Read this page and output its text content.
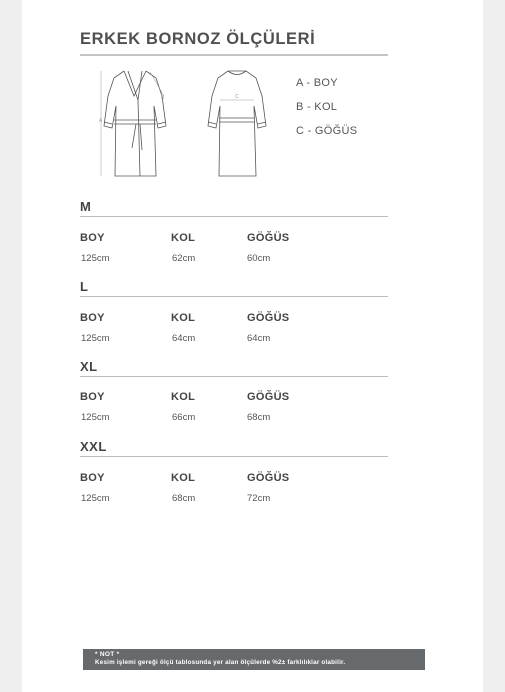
ERKEK BORNOZ ÖLÇÜLERİ
A
B	C
A - BOY
B - KOL
C - GÖĞÜS
M
BOY	KOL	GÖĞÜS
125cm	62cm	60cm
L
BOY	KOL	GÖĞÜS
125cm	64cm	64cm
XL
BOY	KOL	GÖĞÜS
125cm	66cm	68cm
XXL
BOY	KOL	GÖĞÜS
125cm	68cm	72cm
* NOT *
Kesim işlemi gereği ölçü tablosunda yer alan ölçülerde %2± farklılıklar olabilir.
